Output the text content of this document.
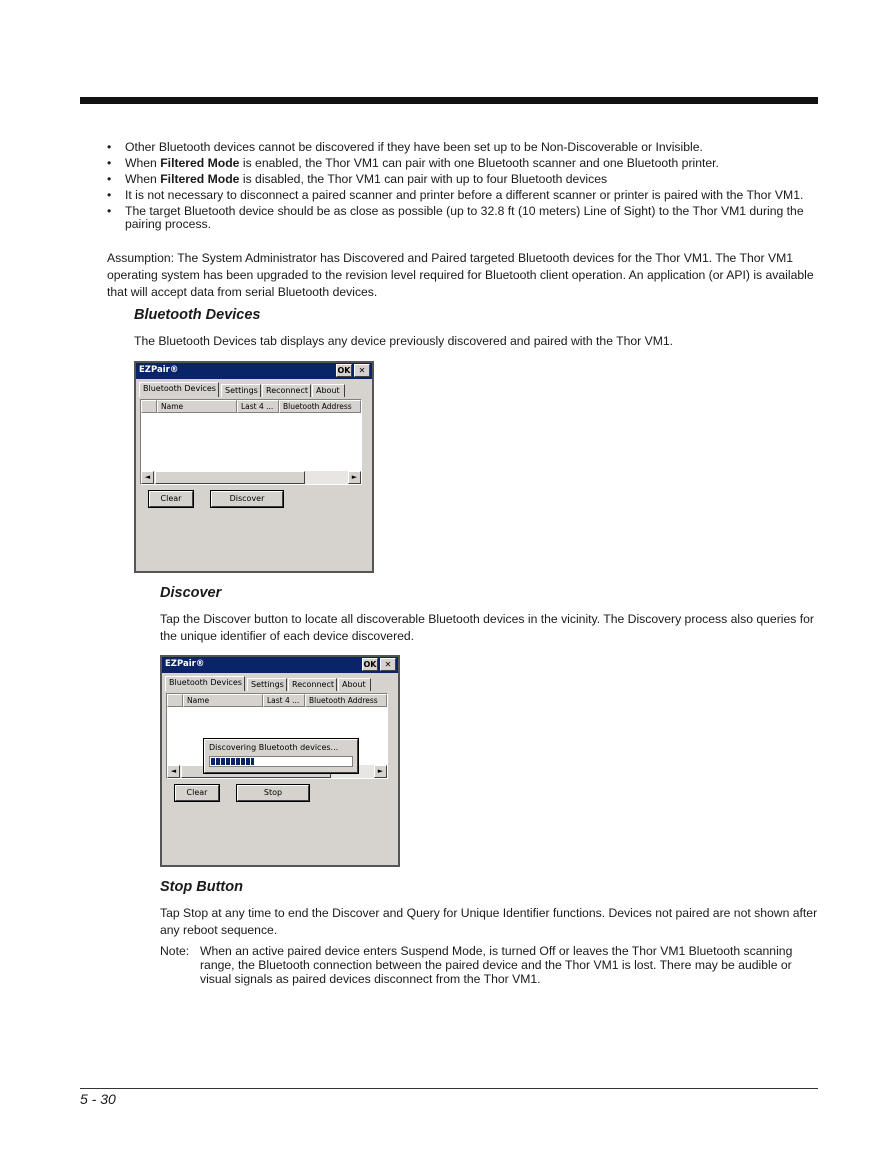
• Other Bluetooth devices cannot be discovered if they have been set up to be Non-Discoverable or Invisible.
• When Filtered Mode is enabled, the Thor VM1 can pair with one Bluetooth scanner and one Bluetooth printer.
• When Filtered Mode is disabled, the Thor VM1 can pair with up to four Bluetooth devices
• It is not necessary to disconnect a paired scanner and printer before a different scanner or printer is paired with the Thor VM1.
• The target Bluetooth device should be as close as possible (up to 32.8 ft (10 meters) Line of Sight) to the Thor VM1 during the pairing process.

Assumption: The System Administrator has Discovered and Paired targeted Bluetooth devices for the Thor VM1. The Thor VM1 operating system has been upgraded to the revision level required for Bluetooth client operation. An application (or API) is available that will accept data from serial Bluetooth devices.

Bluetooth Devices

The Bluetooth Devices tab displays any device previously discovered and paired with the Thor VM1.

EZPair®	OK	✕
Bluetooth Devices	Settings	Reconnect About
Name	Last 4 ...	Bluetooth Address
◄	►
Clear	Discover
Discover

Tap the Discover button to locate all discoverable Bluetooth devices in the vicinity. The Discovery process also queries for the unique identifier of each device discovered.

EZPair®	OK	✕
Bluetooth Devices	Settings	Reconnect About
Name	Last 4 ...	Bluetooth Address
◄	►
Discovering Bluetooth devices...
Clear	Stop
Stop Button

Tap Stop at any time to end the Discover and Query for Unique Identifier functions. Devices not paired are not shown after any reboot sequence.

Note: When an active paired device enters Suspend Mode, is turned Off or leaves the Thor VM1 Bluetooth scanning range, the Bluetooth connection between the paired device and the Thor VM1 is lost. There may be audible or visual signals as paired devices disconnect from the Thor VM1.

5 - 30
